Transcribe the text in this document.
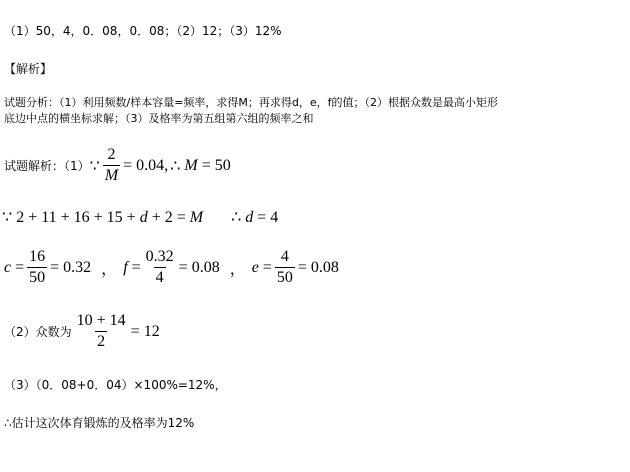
（1）50，4，0．08，0．08；（2）12；（3）12%
【解析】
试题分析：（1）利用频数/样本容量=频率，求得M；再求得d，e，f的值；（2）根据众数是最高小矩形
底边中点的横坐标求解；（3）及格率为第五组第六组的频率之和
试题解析：（1） ∵ $\frac{2}{M} = 0.04$, ∴ M = 50
∵ 2 + 11 + 16 + 15 + d + 2 = M ∴ d = 4
$c = \frac{16}{50} = 0.32$ ， $f = \frac{0.32}{4} = 0.08$ ， $e = \frac{4}{50} = 0.08$
（2）众数为 $\frac{10 + 14}{2} = 12$
（3）（0．08+0．04）×100%=12%，
∴估计这次体育锻炼的及格率为12%
